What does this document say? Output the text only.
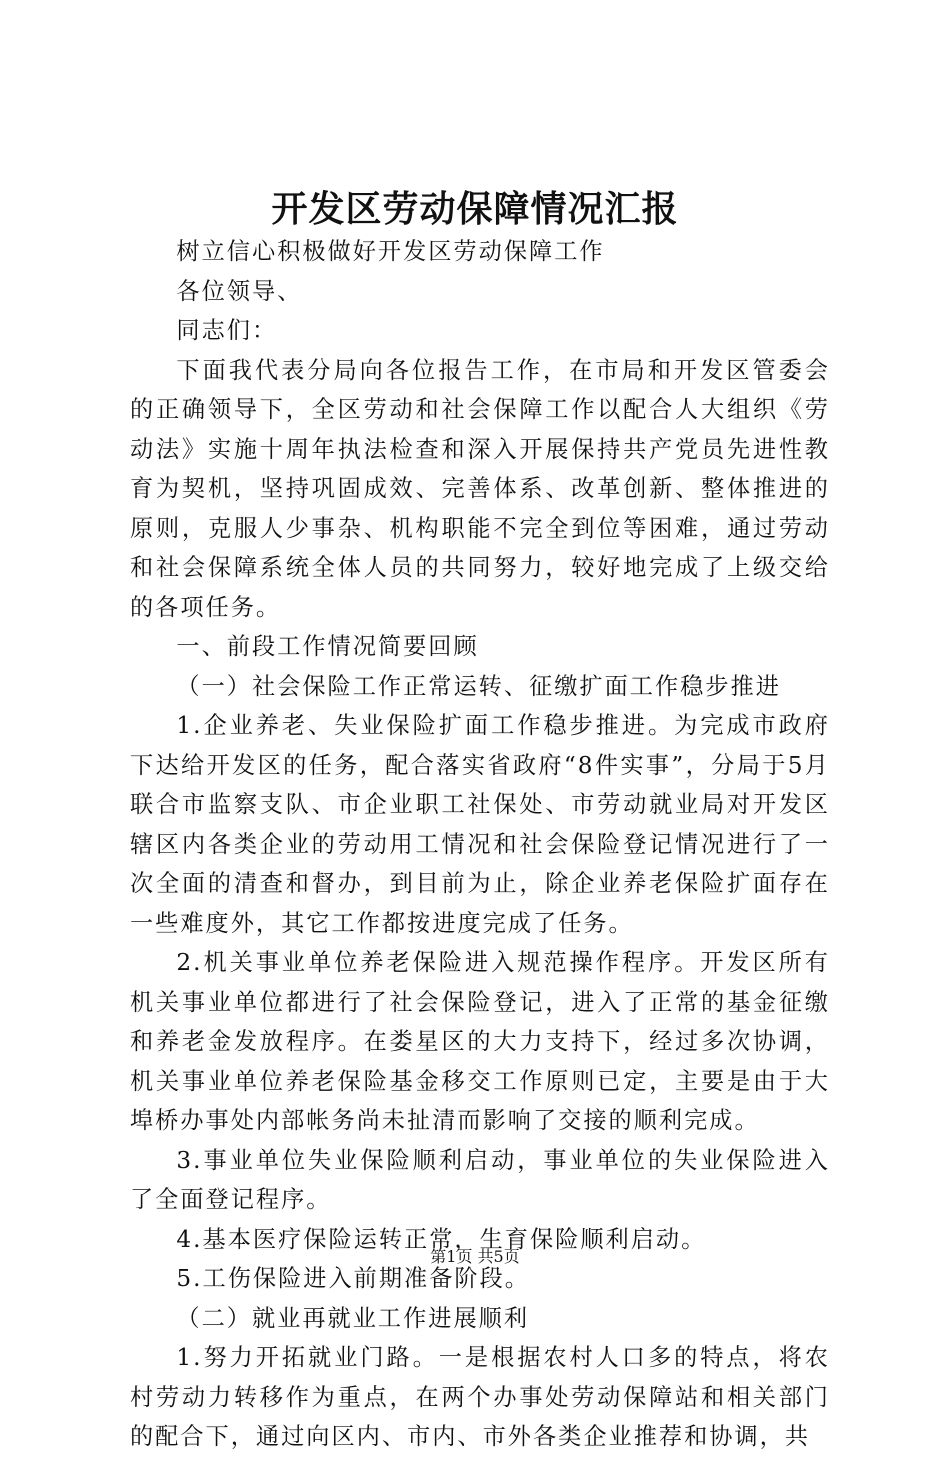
开发区劳动保障情况汇报

树立信心积极做好开发区劳动保障工作

各位领导、

同志们：

下面我代表分局向各位报告工作，在市局和开发区管委会的正确领导下，全区劳动和社会保障工作以配合人大组织《劳动法》实施十周年执法检查和深入开展保持共产党员先进性教育为契机，坚持巩固成效、完善体系、改革创新、整体推进的原则，克服人少事杂、机构职能不完全到位等困难，通过劳动和社会保障系统全体人员的共同努力，较好地完成了上级交给的各项任务。

一、前段工作情况简要回顾

（一）社会保险工作正常运转、征缴扩面工作稳步推进

1.企业养老、失业保险扩面工作稳步推进。为完成市政府下达给开发区的任务，配合落实省政府“8件实事”，分局于5月联合市监察支队、市企业职工社保处、市劳动就业局对开发区辖区内各类企业的劳动用工情况和社会保险登记情况进行了一次全面的清查和督办，到目前为止，除企业养老保险扩面存在一些难度外，其它工作都按进度完成了任务。

2.机关事业单位养老保险进入规范操作程序。开发区所有机关事业单位都进行了社会保险登记，进入了正常的基金征缴和养老金发放程序。在娄星区的大力支持下，经过多次协调，机关事业单位养老保险基金移交工作原则已定，主要是由于大埠桥办事处内部帐务尚未扯清而影响了交接的顺利完成。

3.事业单位失业保险顺利启动，事业单位的失业保险进入了全面登记程序。

4.基本医疗保险运转正常，生育保险顺利启动。

5.工伤保险进入前期准备阶段。

（二）就业再就业工作进展顺利

1.努力开拓就业门路。一是根据农村人口多的特点，将农村劳动力转移作为重点，在两个办事处劳动保障站和相关部门的配合下，通过向区内、市内、市外各类企业推荐和协调，共

第1页 共5页
